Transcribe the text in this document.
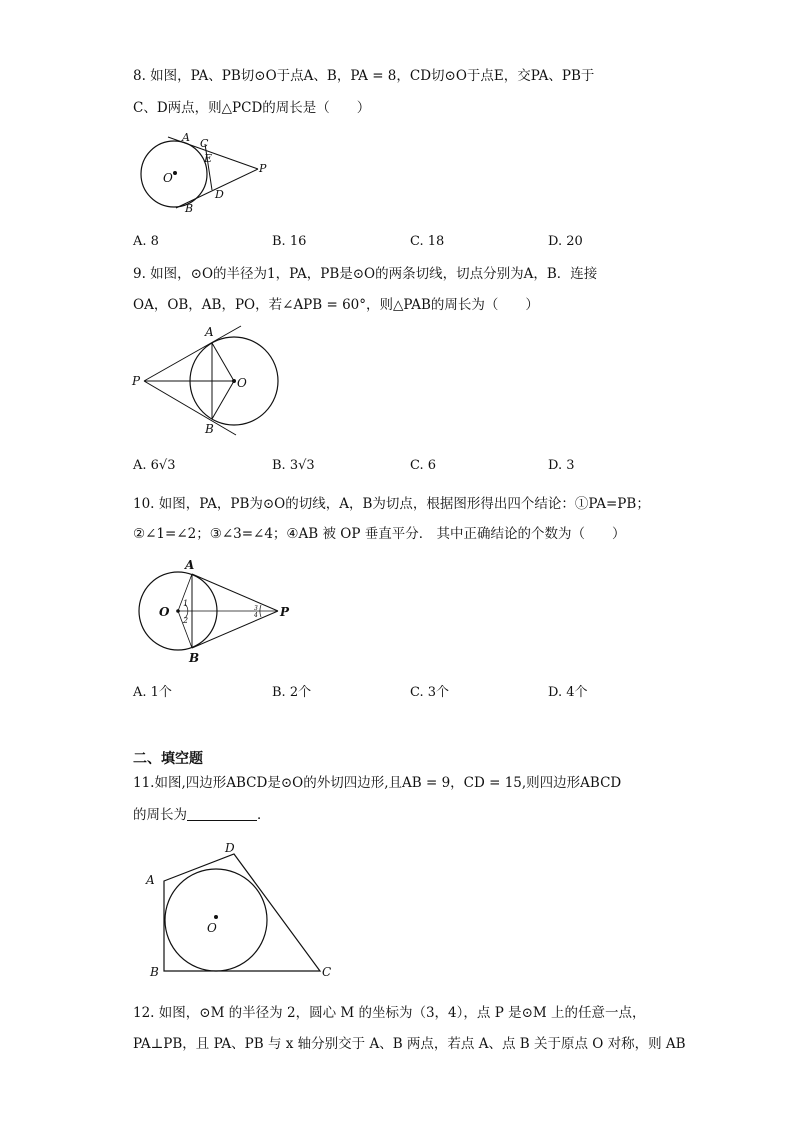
8. 如图，PA、PB切⊙O于点A、B，PA = 8，CD切⊙O于点E，交PA、PB于
C、D两点，则△PCD的周长是（　　）
A C
E
O
P
D
B
A. 8	B. 16	C. 18	D. 20
9. 如图，⊙O的半径为1，PA，PB是⊙O的两条切线，切点分别为A，B．连接
OA，OB，AB，PO，若∠APB = 60°，则△PAB的周长为（　　）
A
P	O
B
A. 6√3	B. 3√3	C. 6	D. 3
10. 如图，PA，PB为⊙O的切线，A，B为切点，根据图形得出四个结论：①PA=PB；
②∠1=∠2；③∠3=∠4；④AB 被 OP 垂直平分． 其中正确结论的个数为（　　）
A
O	P
B
1
2
3
4
A. 1个	B. 2个	C. 3个	D. 4个
二、填空题
11.如图,四边形ABCD是⊙O的外切四边形,且AB = 9，CD = 15,则四边形ABCD
的周长为	．
A
D
O
B	C
12. 如图，⊙M 的半径为 2，圆心 M 的坐标为（3，4），点 P 是⊙M 上的任意一点，
PA⊥PB，且 PA、PB 与 x 轴分别交于 A、B 两点，若点 A、点 B 关于原点 O 对称，则 AB
